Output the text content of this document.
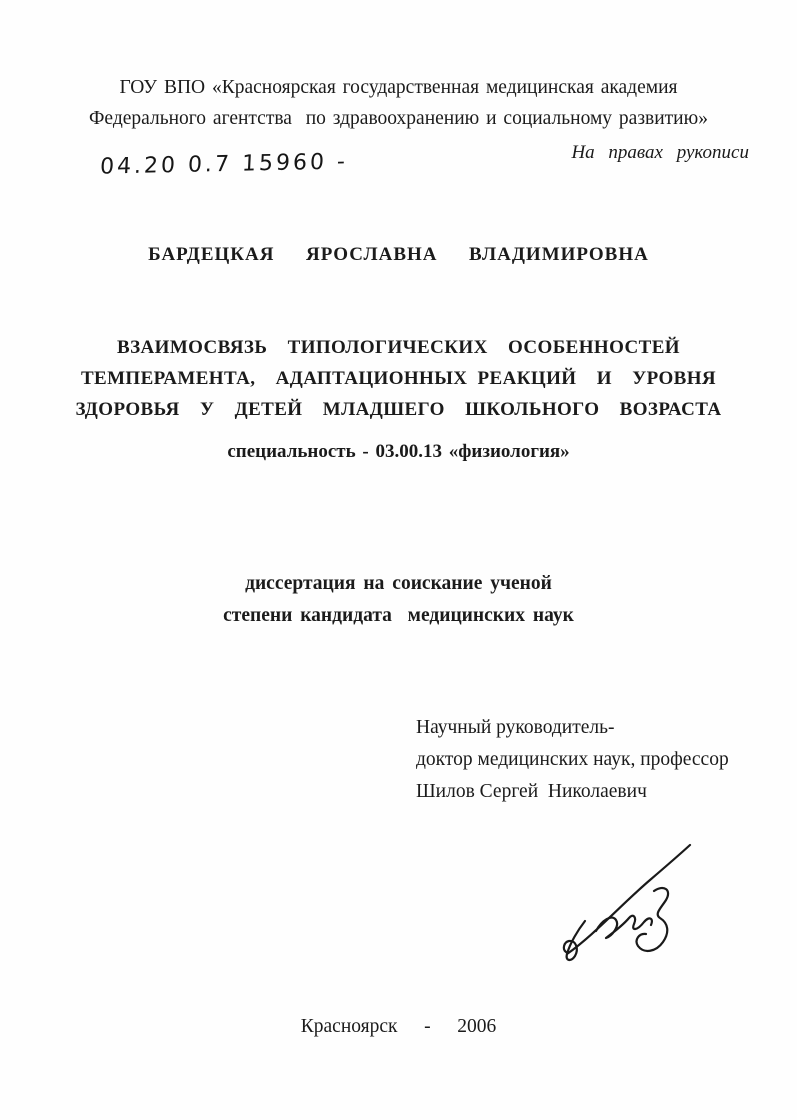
ГОУ ВПО «Красноярская государственная медицинская академия
Федерального агентства  по здравоохранению и социальному развитию»
На правах рукописи
04.20 0.7 15960 -
БАРДЕЦКАЯ  ЯРОСЛАВНА  ВЛАДИМИРОВНА
ВЗАИМОСВЯЗЬ  ТИПОЛОГИЧЕСКИХ  ОСОБЕННОСТЕЙ
ТЕМПЕРАМЕНТА,  АДАПТАЦИОННЫХ РЕАКЦИЙ  И  УРОВНЯ
ЗДОРОВЬЯ  У  ДЕТЕЙ  МЛАДШЕГО  ШКОЛЬНОГО  ВОЗРАСТА
специальность - 03.00.13 «физиология»
диссертация на соискание ученой
степени кандидата  медицинских наук
Научный руководитель-
доктор медицинских наук, профессор
Шилов Сергей  Николаевич
Красноярск   -   2006
